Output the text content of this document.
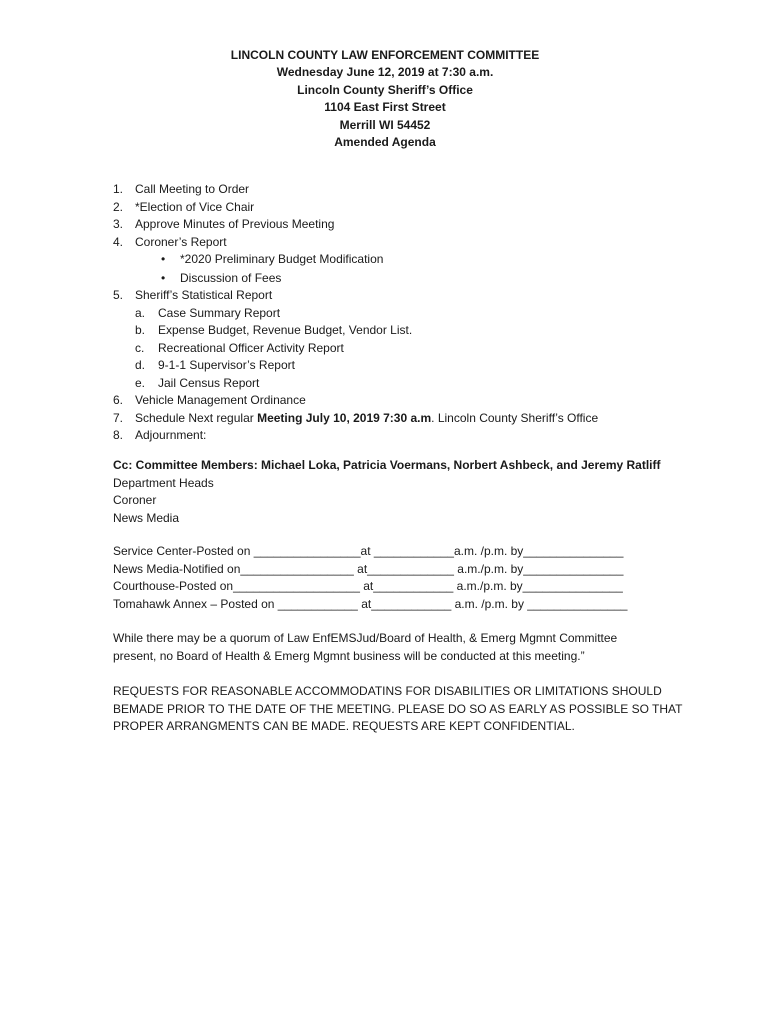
LINCOLN COUNTY LAW ENFORCEMENT COMMITTEE
Wednesday June 12, 2019 at 7:30 a.m.
Lincoln County Sheriff’s Office
1104 East First Street
Merrill WI 54452
Amended Agenda
1. Call Meeting to Order
2. *Election of Vice Chair
3. Approve Minutes of Previous Meeting
4. Coroner’s Report
• *2020 Preliminary Budget Modification
• Discussion of Fees
5. Sheriff’s Statistical Report
a. Case Summary Report
b. Expense Budget, Revenue Budget, Vendor List.
c. Recreational Officer Activity Report
d. 9-1-1 Supervisor’s Report
e. Jail Census Report
6. Vehicle Management Ordinance
7. Schedule Next regular Meeting July 10, 2019 7:30 a.m. Lincoln County Sheriff’s Office
8. Adjournment:
Cc: Committee Members: Michael Loka, Patricia Voermans, Norbert Ashbeck, and Jeremy Ratliff
Department Heads
Coroner
News Media
Service Center-Posted on ________________at ____________a.m. /p.m. by_______________
News Media-Notified on_________________ at_____________ a.m./p.m. by_______________
Courthouse-Posted on___________________ at____________ a.m./p.m. by_______________
Tomahawk Annex – Posted on ____________ at____________ a.m. /p.m. by _______________
While there may be a quorum of Law EnfEMSJud/Board of Health, & Emerg Mgmnt Committee
present, no Board of Health & Emerg Mgmnt business will be conducted at this meeting.”
REQUESTS FOR REASONABLE ACCOMMODATINS FOR DISABILITIES OR LIMITATIONS SHOULD
BEMADE PRIOR TO THE DATE OF THE MEETING. PLEASE DO SO AS EARLY AS POSSIBLE SO THAT
PROPER ARRANGMENTS CAN BE MADE. REQUESTS ARE KEPT CONFIDENTIAL.
